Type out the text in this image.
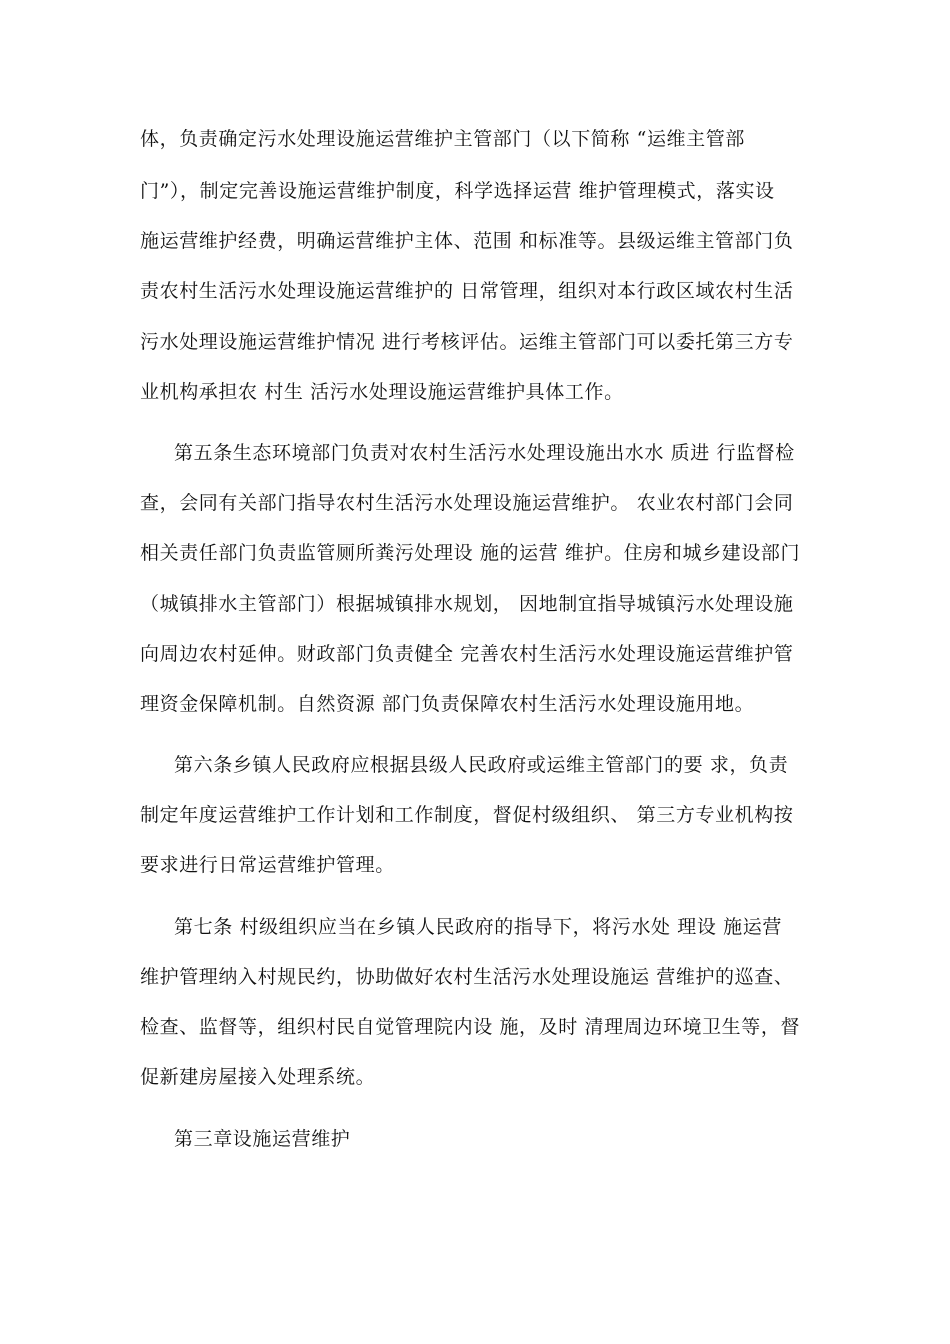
体，负责确定污水处理设施运营维护主管部门（以下简称 “运维主管部
门”），制定完善设施运营维护制度，科学选择运营 维护管理模式，落实设
施运营维护经费，明确运营维护主体、范围 和标准等。县级运维主管部门负
责农村生活污水处理设施运营维护的 日常管理，组织对本行政区域农村生活
污水处理设施运营维护情况 进行考核评估。运维主管部门可以委托第三方专
业机构承担农 村生 活污水处理设施运营维护具体工作。
第五条生态环境部门负责对农村生活污水处理设施出水水 质进 行监督检
查，会同有关部门指导农村生活污水处理设施运营维护。 农业农村部门会同
相关责任部门负责监管厕所粪污处理设 施的运营 维护。住房和城乡建设部门
（城镇排水主管部门）根据城镇排水规划， 因地制宜指导城镇污水处理设施
向周边农村延伸。财政部门负责健全 完善农村生活污水处理设施运营维护管
理资金保障机制。自然资源 部门负责保障农村生活污水处理设施用地。
第六条乡镇人民政府应根据县级人民政府或运维主管部门的要 求，负责
制定年度运营维护工作计划和工作制度，督促村级组织、 第三方专业机构按
要求进行日常运营维护管理。
第七条 村级组织应当在乡镇人民政府的指导下，将污水处 理设 施运营
维护管理纳入村规民约，协助做好农村生活污水处理设施运 营维护的巡查、
检查、监督等，组织村民自觉管理院内设 施，及时 清理周边环境卫生等，督
促新建房屋接入处理系统。
第三章设施运营维护
